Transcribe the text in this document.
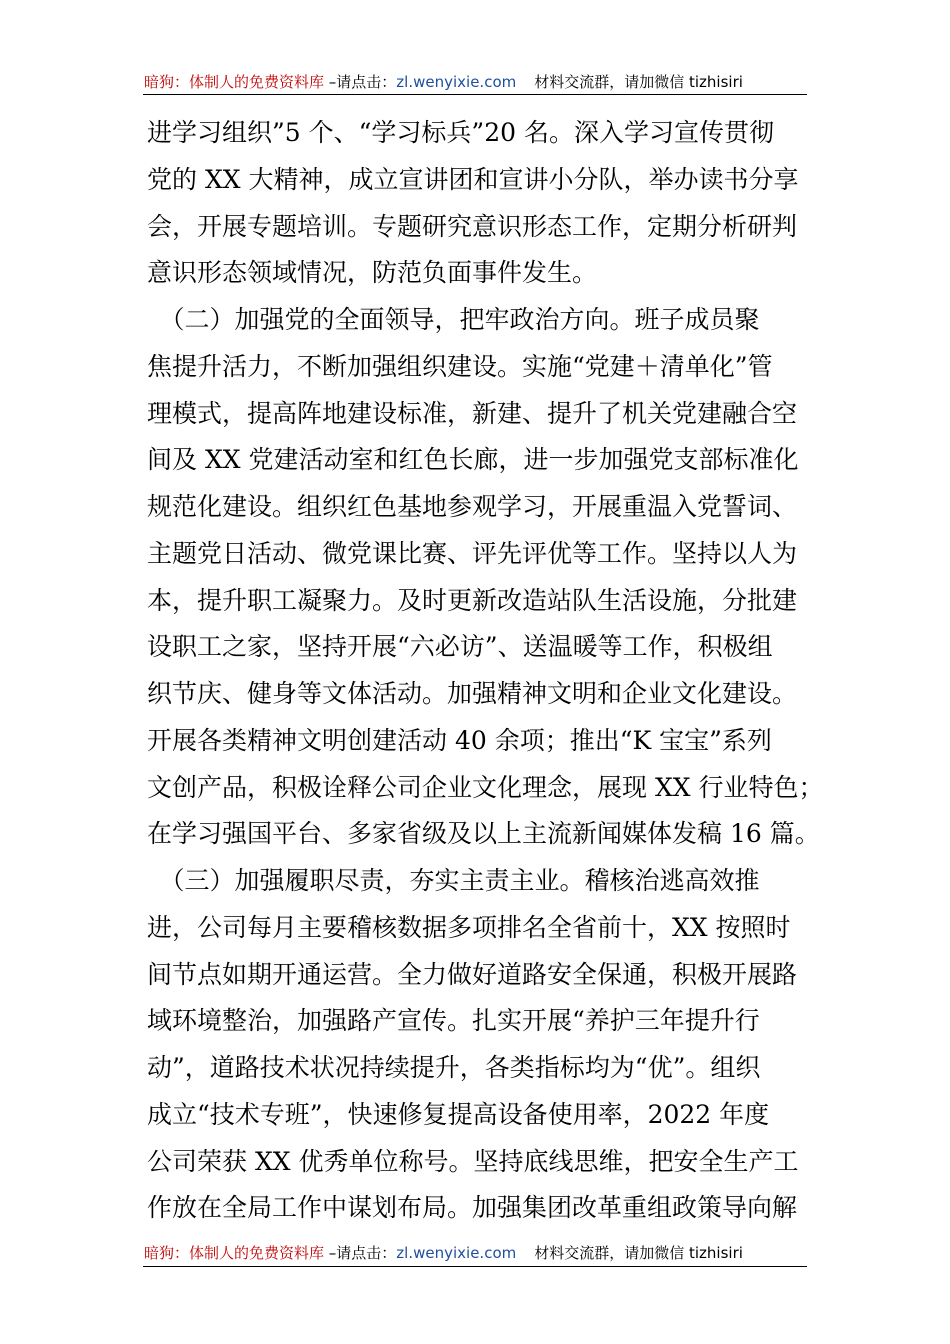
暗狗：体制人的免费资料库 –请点击：zl.wenyixie.com 材料交流群，请加微信 tizhisiri
进学习组织”5 个、“学习标兵”20 名。深入学习宣传贯彻
党的 XX 大精神，成立宣讲团和宣讲小分队，举办读书分享
会，开展专题培训。专题研究意识形态工作，定期分析研判
意识形态领域情况，防范负面事件发生。
　（二）加强党的全面领导，把牢政治方向。班子成员聚
焦提升活力，不断加强组织建设。实施“党建＋清单化”管
理模式，提高阵地建设标准，新建、提升了机关党建融合空
间及 XX 党建活动室和红色长廊，进一步加强党支部标准化
规范化建设。组织红色基地参观学习，开展重温入党誓词、
主题党日活动、微党课比赛、评先评优等工作。坚持以人为
本，提升职工凝聚力。及时更新改造站队生活设施，分批建
设职工之家，坚持开展“六必访”、送温暖等工作，积极组
织节庆、健身等文体活动。加强精神文明和企业文化建设。
开展各类精神文明创建活动 40 余项；推出“K 宝宝”系列
文创产品，积极诠释公司企业文化理念，展现 XX 行业特色；
在学习强国平台、多家省级及以上主流新闻媒体发稿 16 篇。
　（三）加强履职尽责，夯实主责主业。稽核治逃高效推
进，公司每月主要稽核数据多项排名全省前十，XX 按照时
间节点如期开通运营。全力做好道路安全保通，积极开展路
域环境整治，加强路产宣传。扎实开展“养护三年提升行
动”，道路技术状况持续提升，各类指标均为“优”。组织
成立“技术专班”，快速修复提高设备使用率，2022 年度
公司荣获 XX 优秀单位称号。坚持底线思维，把安全生产工
作放在全局工作中谋划布局。加强集团改革重组政策导向解
暗狗：体制人的免费资料库 –请点击：zl.wenyixie.com 材料交流群，请加微信 tizhisiri
